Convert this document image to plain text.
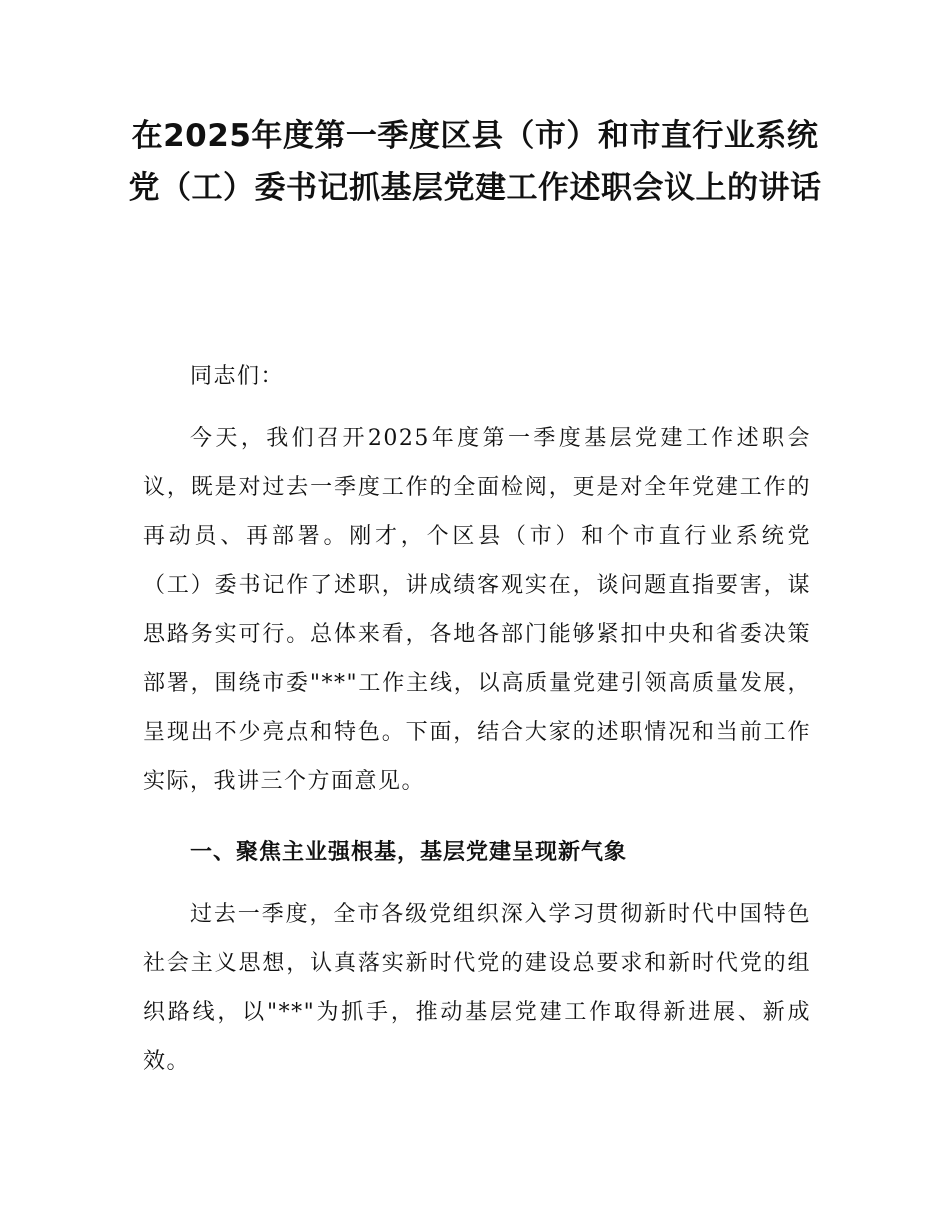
在2025年度第一季度区县（市）和市直行业系统党（工）委书记抓基层党建工作述职会议上的讲话

同志们：

今天，我们召开2025年度第一季度基层党建工作述职会议，既是对过去一季度工作的全面检阅，更是对全年党建工作的再动员、再部署。刚才，个区县（市）和个市直行业系统党（工）委书记作了述职，讲成绩客观实在，谈问题直指要害，谋思路务实可行。总体来看，各地各部门能够紧扣中央和省委决策部署，围绕市委"**"工作主线，以高质量党建引领高质量发展，呈现出不少亮点和特色。下面，结合大家的述职情况和当前工作实际，我讲三个方面意见。

一、聚焦主业强根基，基层党建呈现新气象

过去一季度，全市各级党组织深入学习贯彻新时代中国特色社会主义思想，认真落实新时代党的建设总要求和新时代党的组织路线，以"**"为抓手，推动基层党建工作取得新进展、新成效。
